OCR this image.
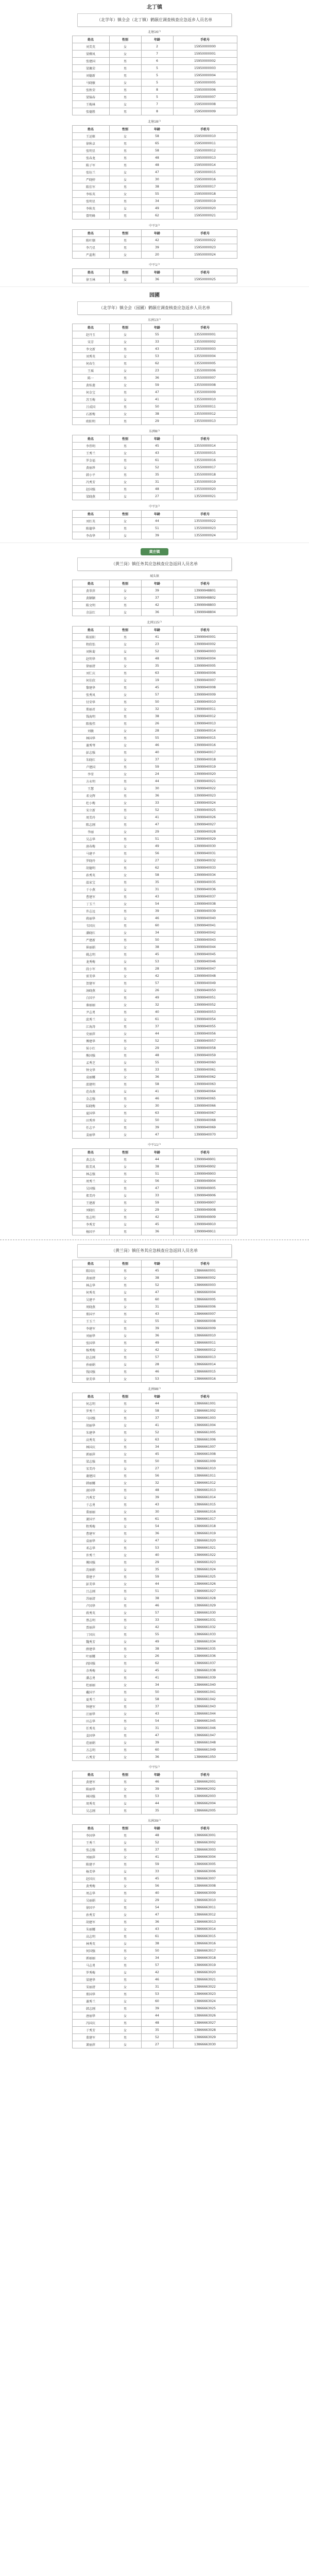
北丁镇
（北学年）镇全会（北丁镇）鹤颐庄调查核查应急返乡人员名单
北塘16户
姓名	性别	年龄	手机号
刘美英	女	2	15950000000
梁柳凤	女	7	15950000001
张建国	男	6	15950000002
梁佩荣	男	5	15950000003
刘德新	男	5	15950000004
马晓敏	女	5	15950000005
张秋荣	男	8	15950000006
梁锦春	男	5	15950000007
王梅林	女	7	15950000008
张德胜	男	8	15950000009
北塘18户
姓名	性别	年龄	手机号
王运姬	女	58	15950000010
徐秋卓	男	65	15950000011
张明星	男	58	15950000012
张春龙	男	48	15950000013
陈子军	男	48	15950000014
张钰兰	女	47	15950000015
严晓婷	女	30	15950000016
陈佳军	男	38	15950000017
李桂英	女	55	15950000018
张明星	男	34	15950000019
李秋英	女	49	15950000020
曾明峰	男	62	15950000021
中平3户
姓名	性别	年龄	手机号
陈叶顺	男	42	15950000022
李乃星	男	39	15950000023
严蕊利	女	20	15950000024
中平1户
姓名	性别	年龄	手机号
徐玉林	女	36	15950000025
园圃
（北学年）镇全会（园圃）鹤颐庄调查核查应急返乡人员名单
东洲13户
姓名	性别	年龄	手机号
赵丹玉	女	55	13550000001
宋芳	女	33	13550000002
李文新	男	43	13550000003
刘秀英	女	53	13550000004
何春生	男	62	13550000005
王瑶	女	23	13550000006
陈一	男	36	13550000007
黄桂莲	女	59	13550000008
何金宝	男	47	13550000009
苏玉梅	女	41	13550000010
吕成国	男	50	13550000011
石新梅	女	38	13550000012
欧阳明	男	29	13550000013
东洲8户
姓名	性别	年龄	手机号
李伟明	男	45	13550000014
王秀兰	女	43	13550000015
罗金福	男	61	13550000016
黄丽珍	女	52	13550000017
韩小平	男	35	13550000018
冯秀芳	女	31	13550000019
赵国强	男	48	13550000020
梁晓燕	女	27	13550000021
中平3户
姓名	性别	年龄	手机号
刘红英	女	44	13550000022
陈德华	男	51	13550000023
李春华	女	39	13550000024
黄庄镇
（黄兰岗）镇任务其应急核查应急返回人员名单
城头镇
姓名	性别	年龄	手机号
黄翠萍	女	39	13999948801
黄颖颖	女	37	13999948802
陈文明	男	42	13999948803
余洁红	女	36	13999948804
北洲115户
姓名	性别	年龄	手机号
陈辰阳	男	41	13999940001
程欣怡	女	23	13999940002
刘秋菊	女	52	13999940003
赵明华	男	48	13999940004
徐丽清	女	35	13999940005
刘仁庆	男	63	13999940006
何佳欣	女	19	13999940007
黎建华	男	45	13999940008
张秀凤	女	57	13999940009
付荣华	男	50	13999940010
郑丽君	女	32	13999940011
钱海明	男	38	13999940012
陈俊伟	男	26	13999940013
刘敏	女	28	13999940014
林国华	男	55	13999940015
谢秀琴	女	46	13999940016
彭志强	男	40	13999940017
朱晓红	女	37	13999940018
卢建国	男	59	13999940019
李雪	女	24	13999940020
方永明	男	44	13999940021
王慧	女	30	13999940022
邓文辉	男	36	13999940023
杜小梅	女	33	13999940024
宋立新	男	52	13999940025
周美玲	女	41	13999940026
陈志刚	男	47	13999940027
李丽	女	29	13999940028
吴志华	男	51	13999940029
唐春梅	女	49	13999940030
马建平	男	56	13999940031
罗晓玲	女	27	13999940032
胡德明	男	62	13999940033
孙秀英	女	58	13999940034
温家宝	男	35	13999940035
于小燕	女	31	13999940036
曹建军	男	43	13999940037
丁玉兰	女	54	13999940038
许志远	男	39	13999940039
蒋丽华	女	46	13999940040
韦国庆	男	60	13999940041
潘晓红	女	34	13999940042
严建新	男	50	13999940043
崔丽娟	女	38	13999940044
姚志明	男	45	13999940045
龙秀梅	女	53	13999940046
段小军	男	28	13999940047
雷美华	女	42	13999940048
贺建军	男	57	13999940049
汤晓燕	女	26	13999940050
白国平	男	49	13999940051
秦丽丽	女	32	13999940052
尹志勇	男	40	13999940053
邱秀兰	女	61	13999940054
江海涛	男	37	13999940055
史丽萍	女	44	13999940056
傅建华	男	52	13999940057
侯小红	女	29	13999940058
熊国强	男	48	13999940059
孟秀芝	女	55	13999940060
钟文华	男	33	13999940061
袁丽娜	女	36	13999940062
邵建明	男	58	13999940063
范春燕	女	41	13999940064
金志强	男	46	13999940065
陆晓梅	女	30	13999940066
夏国华	男	63	13999940067
田秀珍	女	50	13999940068
任志平	男	39	13999940069
姜丽华	女	47	13999940070
中平11户
姓名	性别	年龄	手机号
黄志东	男	44	13999949901
陈美凤	女	38	13999949902
林志强	男	51	13999949903
周秀兰	女	56	13999949904
吴国强	男	47	13999949905
郑美玲	女	33	13999949906
王建新	男	59	13999949907
刘晓红	女	29	13999949908
张志明	男	42	13999949909
李秀芳	女	45	13999949910
杨国平	男	36	13999949911
（黄兰岗）镇任务其应急核查应急返回人员名单
姓名	性别	年龄	手机号
陈国庆	男	45	13866660001
黄丽清	女	38	13866660002
林志华	男	52	13866660003
何秀英	女	47	13866660004
吴建平	男	60	13866660005
周晓燕	女	31	13866660006
郑国平	男	43	13866660007
王玉兰	女	55	13866660008
李建军	男	39	13866660009
刘丽华	女	36	13866660010
张国华	男	49	13866660011
杨秀梅	女	42	13866660012
赵志刚	男	57	13866660013
孙丽娟	女	28	13866660014
钱国强	男	46	13866660015
徐美华	女	53	13866660016
北洲98户
姓名	性别	年龄	手机号
何志明	男	44	13866661001
罗秀兰	女	58	13866661002
马国强	男	37	13866661003
胡丽华	女	41	13866661004
朱建华	男	52	13866661005
高秀英	女	63	13866661006
林国庆	男	34	13866661007
郭丽萍	女	45	13866661008
梁志强	男	50	13866661009
宋美玲	女	27	13866661010
谢建国	男	56	13866661011
韩丽娜	女	32	13866661012
唐国华	男	48	13866661013
冯秀芳	女	39	13866661014
于志勇	男	43	13866661015
董丽丽	女	30	13866661016
萧国平	男	61	13866661017
程秀梅	女	54	13866661018
曹建军	男	36	13866661019
袁丽华	女	47	13866661020
邓志华	男	53	13866661021
许秀兰	女	40	13866661022
傅国强	男	29	13866661023
沈丽娟	女	35	13866661024
曾建平	男	59	13866661025
彭美华	女	44	13866661026
吕志刚	男	51	13866661027
苏丽清	女	38	13866661028
卢国华	男	46	13866661029
蒋秀英	女	57	13866661030
蔡志明	男	33	13866661031
贾丽萍	女	42	13866661032
丁国庆	男	55	13866661033
魏秀芳	女	49	13866661034
薛建华	男	38	13866661035
叶丽娜	女	26	13866661036
阎国强	男	62	13866661037
余秀梅	女	45	13866661038
潘志勇	男	41	13866661039
杜丽丽	女	34	13866661040
戴国平	男	50	13866661041
夏秀兰	女	58	13866661042
钟建军	男	37	13866661043
汪丽华	女	43	13866661044
田志华	男	54	13866661045
任秀英	女	31	13866661046
姜国华	男	47	13866661047
范丽娟	女	39	13866661048
方志明	男	60	13866661049
石秀芳	女	36	13866661050
中平5户
姓名	性别	年龄	手机号
黄建军	男	46	13866662001
陈丽华	女	39	13866662002
林国强	男	53	13866662003
周秀英	女	44	13866662004
吴志刚	男	35	13866662005
东洲39户
姓名	性别	年龄	手机号
李国华	男	48	13866663001
王秀兰	女	52	13866663002
张志强	男	37	13866663003
刘丽萍	女	41	13866663004
陈建平	男	59	13866663005
杨美华	女	33	13866663006
赵国庆	男	45	13866663007
黄秀梅	女	56	13866663008
周志华	男	40	13866663009
吴丽娟	女	29	13866663010
徐国平	男	54	13866663011
孙秀芳	女	47	13866663012
胡建军	男	36	13866663013
朱丽娜	女	43	13866663014
高志明	男	61	13866663015
林秀英	女	38	13866663016
何国强	男	50	13866663017
郭丽丽	女	34	13866663018
马志勇	男	57	13866663019
罗秀梅	女	42	13866663020
梁建华	男	46	13866663021
宋丽清	女	31	13866663022
郑国华	男	53	13866663023
谢秀兰	女	60	13866663024
韩志刚	男	39	13866663025
唐丽华	女	44	13866663026
冯国庆	男	48	13866663027
于秀芳	女	35	13866663028
董建军	男	52	13866663029
萧丽萍	女	27	13866663030
